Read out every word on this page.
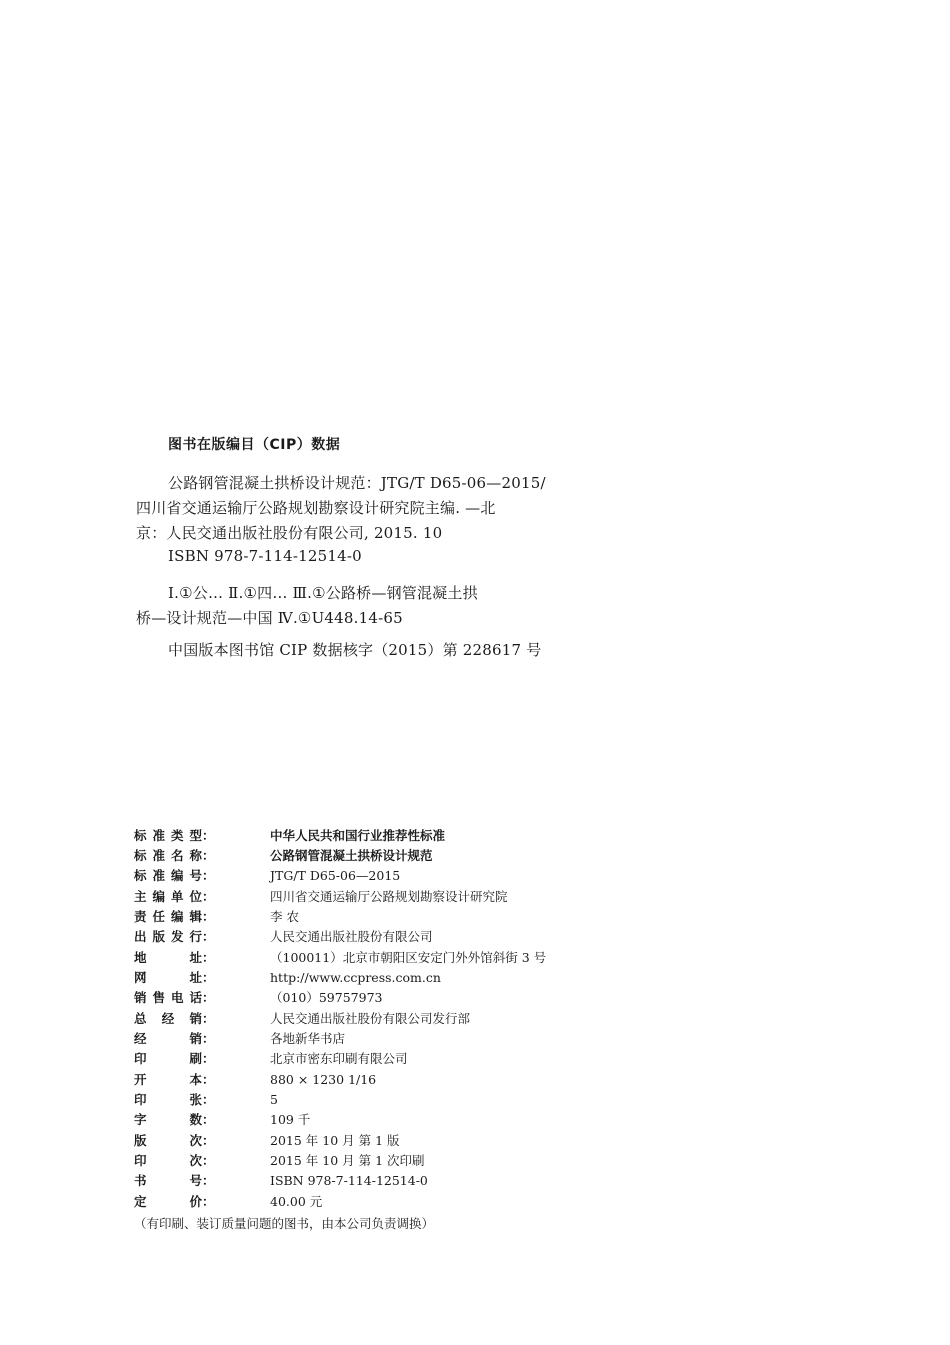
图书在版编目（CIP）数据
公路钢管混凝土拱桥设计规范：JTG/T D65-06—2015/
四川省交通运输厅公路规划勘察设计研究院主编. —北
京：人民交通出版社股份有限公司, 2015. 10
ISBN 978-7-114-12514-0
Ⅰ.①公… Ⅱ.①四… Ⅲ.①公路桥—钢管混凝土拱
桥—设计规范—中国 Ⅳ.①U448.14-65
中国版本图书馆 CIP 数据核字（2015）第 228617 号
标准类型：	中华人民共和国行业推荐性标准
标准名称：	公路钢管混凝土拱桥设计规范
标准编号：	JTG/T D65-06—2015
主编单位：	四川省交通运输厅公路规划勘察设计研究院
责任编辑：	李 农
出版发行：	人民交通出版社股份有限公司
地 址：	（100011）北京市朝阳区安定门外外馆斜街 3 号
网 址：	http://www.ccpress.com.cn
销售电话：	（010）59757973
总 经 销：	人民交通出版社股份有限公司发行部
经 销：	各地新华书店
印 刷：	北京市密东印刷有限公司
开 本：	880 × 1230 1/16
印 张：	5
字 数：	109 千
版 次：	2015 年 10 月 第 1 版
印 次：	2015 年 10 月 第 1 次印刷
书 号：	ISBN 978-7-114-12514-0
定 价：	40.00 元
（有印刷、装订质量问题的图书，由本公司负责调换）
